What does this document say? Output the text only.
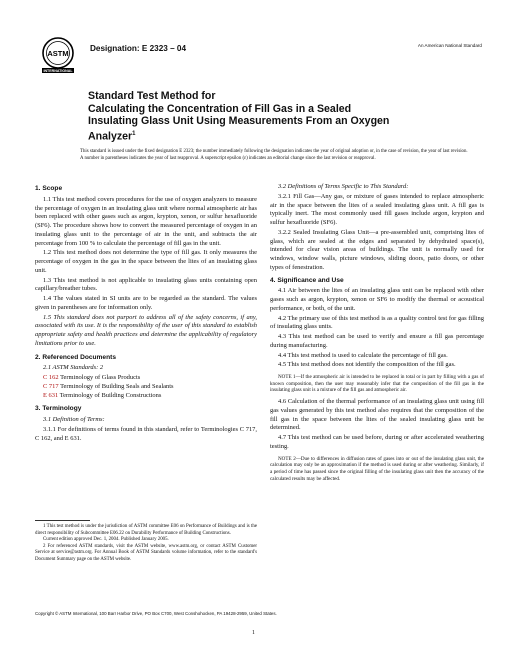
ASTM
INTERNATIONAL
Designation: E 2323 – 04	An American National Standard
Standard Test Method for
Calculating the Concentration of Fill Gas in a Sealed
Insulating Glass Unit Using Measurements From an Oxygen
Analyzer$^1$
This standard is issued under the fixed designation E 2323; the number immediately following the designation indicates the year of original adoption or, in the case of revision, the year of last revision. A number in parentheses indicates the year of last reapproval. A superscript epsilon (ε) indicates an editorial change since the last revision or reapproval.
1. Scope

1.1 This test method covers procedures for the use of oxygen analyzers to measure the percentage of oxygen in an insulating glass unit where normal atmospheric air has been replaced with other gases such as argon, krypton, xenon, or sulfur hexafluoride (SF6). The procedure shows how to convert the measured percentage of oxygen in an insulating glass unit to the percentage of air in the unit, and subtracts the air percentage from 100 % to calculate the percentage of fill gas in the unit.

1.2 This test method does not determine the type of fill gas. It only measures the percentage of oxygen in the gas in the space between the lites of an insulating glass unit.

1.3 This test method is not applicable to insulating glass units containing open capillary/breather tubes.

1.4 The values stated in SI units are to be regarded as the standard. The values given in parentheses are for information only.

1.5 This standard does not purport to address all of the safety concerns, if any, associated with its use. It is the responsibility of the user of this standard to establish appropriate safety and health practices and determine the applicability of regulatory limitations prior to use.

2. Referenced Documents

2.1 ASTM Standards: 2

C 162 Terminology of Glass Products

C 717 Terminology of Building Seals and Sealants

E 631 Terminology of Building Constructions

3. Terminology

3.1 Definition of Terms:

3.1.1 For definitions of terms found in this standard, refer to Terminologies C 717, C 162, and E 631.

3.2 Definitions of Terms Specific to This Standard:

3.2.1 Fill Gas—Any gas, or mixture of gases intended to replace atmospheric air in the space between the lites of a sealed insulating glass unit. A fill gas is typically inert. The most commonly used fill gases include argon, krypton and sulfur hexafluoride (SF6).

3.2.2 Sealed Insulating Glass Unit—a pre-assembled unit, comprising lites of glass, which are sealed at the edges and separated by dehydrated space(s), intended for clear vision areas of buildings. The unit is normally used for windows, window walls, picture windows, sliding doors, patio doors, or other types of fenestration.

4. Significance and Use

4.1 Air between the lites of an insulating glass unit can be replaced with other gases such as argon, krypton, xenon or SF6 to modify the thermal or acoustical performance, or both, of the unit.

4.2 The primary use of this test method is as a quality control test for gas filling of insulating glass units.

4.3 This test method can be used to verify and ensure a fill gas percentage during manufacturing.

4.4 This test method is used to calculate the percentage of fill gas.

4.5 This test method does not identify the composition of the fill gas.

NOTE 1—If the atmospheric air is intended to be replaced in total or in part by filling with a gas of known composition, then the user may reasonably infer that the composition of the fill gas in the insulating glass unit is a mixture of the fill gas and atmospheric air.

4.6 Calculation of the thermal performance of an insulating glass unit using fill gas values generated by this test method also requires that the composition of the fill gas in the space between the lites of the sealed insulating glass unit be determined.

4.7 This test method can be used before, during or after accelerated weathering testing.

NOTE 2—Due to differences in diffusion rates of gases into or out of the insulating glass unit, the calculation may only be an approximation if the method is used during or after weathering. Similarly, if a period of time has passed since the original filling of the insulating glass unit then the accuracy of the calculated results may be affected.

1 This test method is under the jurisdiction of ASTM committee E06 on Performance of Buildings and is the direct responsibility of Subcommittee E06.22 on Durability Performance of Building Constructions.

Current edition approved Dec. 1, 2004. Published January 2005.

2 For referenced ASTM standards, visit the ASTM website, www.astm.org, or contact ASTM Customer Service at service@astm.org. For Annual Book of ASTM Standards volume information, refer to the standard's Document Summary page on the ASTM website.

Copyright © ASTM International, 100 Barr Harbor Drive, PO Box C700, West Conshohocken, PA 19428-2959, United States.
1
